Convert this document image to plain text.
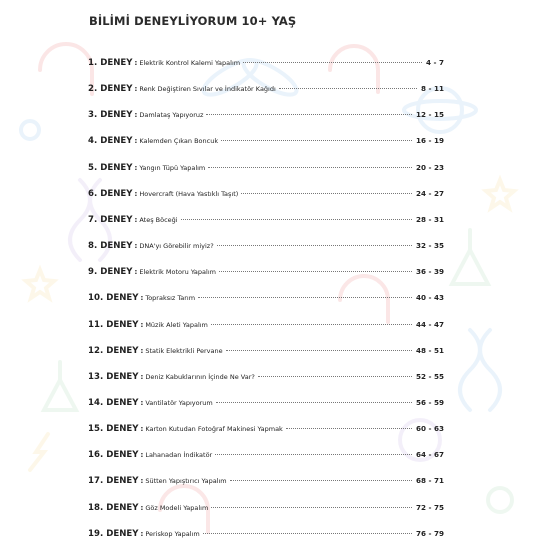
BİLİMİ DENEYLİYORUM 10+ YAŞ
1. DENEY : Elektrik Kontrol Kalemi Yapalım	4 - 7
2. DENEY : Renk Değiştiren Sıvılar ve İndikatör Kağıdı	8 - 11
3. DENEY : Damlataş Yapıyoruz	12 - 15
4. DENEY : Kalemden Çıkan Boncuk	16 - 19
5. DENEY : Yangın Tüpü Yapalım	20 - 23
6. DENEY : Hovercraft (Hava Yastıklı Taşıt)	24 - 27
7. DENEY : Ateş Böceği	28 - 31
8. DENEY : DNA'yı Görebilir miyiz?	32 - 35
9. DENEY : Elektrik Motoru Yapalım	36 - 39
10. DENEY : Topraksız Tarım	40 - 43
11. DENEY : Müzik Aleti Yapalım	44 - 47
12. DENEY : Statik Elektrikli Pervane	48 - 51
13. DENEY : Deniz Kabuklarının İçinde Ne Var?	52 - 55
14. DENEY : Vantilatör Yapıyorum	56 - 59
15. DENEY : Karton Kutudan Fotoğraf Makinesi Yapmak	60 - 63
16. DENEY : Lahanadan İndikatör	64 - 67
17. DENEY : Sütten Yapıştırıcı Yapalım	68 - 71
18. DENEY : Göz Modeli Yapalım	72 - 75
19. DENEY : Periskop Yapalım	76 - 79
